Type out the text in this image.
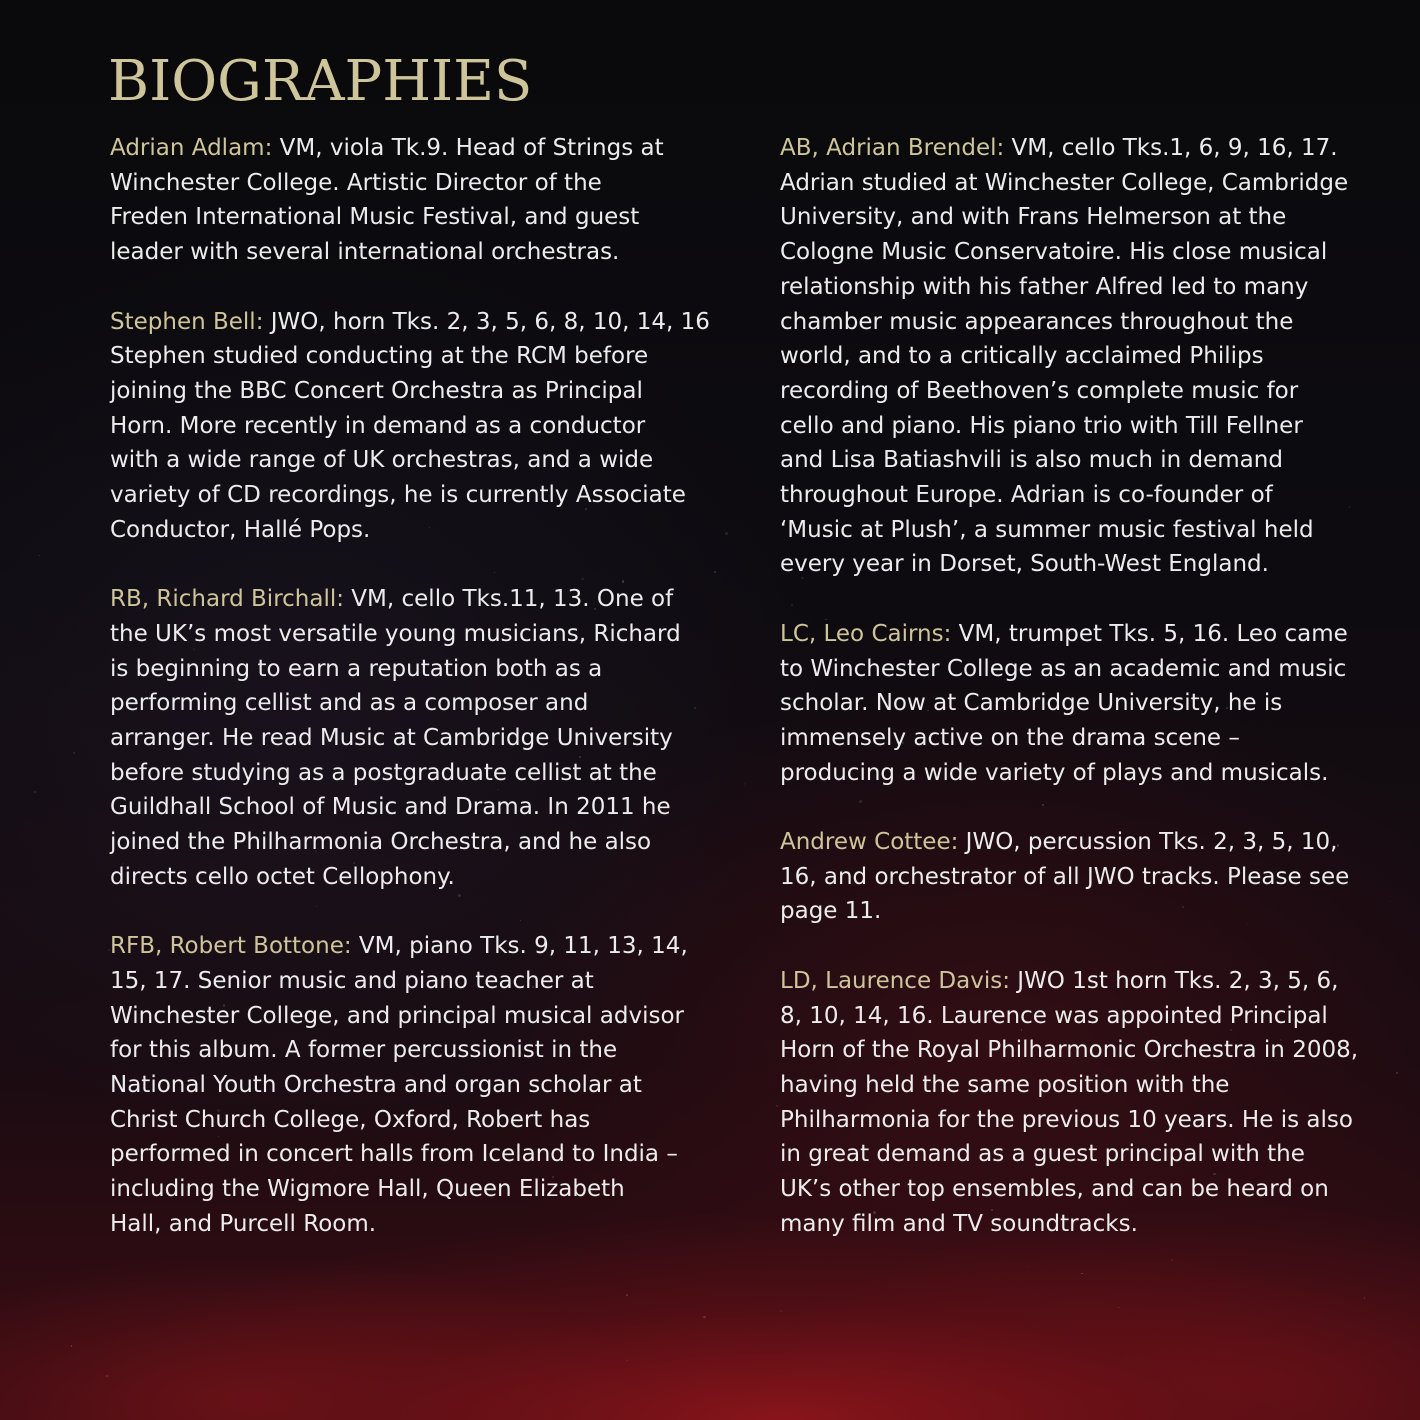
BIOGRAPHIES
Adrian Adlam: VM, viola Tk.9. Head of Strings at
Winchester College. Artistic Director of the
Freden International Music Festival, and guest
leader with several international orchestras.
Stephen Bell: JWO, horn Tks. 2, 3, 5, 6, 8, 10, 14, 16
Stephen studied conducting at the RCM before
joining the BBC Concert Orchestra as Principal
Horn. More recently in demand as a conductor
with a wide range of UK orchestras, and a wide
variety of CD recordings, he is currently Associate
Conductor, Hallé Pops.
RB, Richard Birchall: VM, cello Tks.11, 13. One of
the UK’s most versatile young musicians, Richard
is beginning to earn a reputation both as a
performing cellist and as a composer and
arranger. He read Music at Cambridge University
before studying as a postgraduate cellist at the
Guildhall School of Music and Drama. In 2011 he
joined the Philharmonia Orchestra, and he also
directs cello octet Cellophony.
RFB, Robert Bottone: VM, piano Tks. 9, 11, 13, 14,
15, 17. Senior music and piano teacher at
Winchester College, and principal musical advisor
for this album. A former percussionist in the
National Youth Orchestra and organ scholar at
Christ Church College, Oxford, Robert has
performed in concert halls from Iceland to India –
including the Wigmore Hall, Queen Elizabeth
Hall, and Purcell Room.
AB, Adrian Brendel: VM, cello Tks.1, 6, 9, 16, 17.
Adrian studied at Winchester College, Cambridge
University, and with Frans Helmerson at the
Cologne Music Conservatoire. His close musical
relationship with his father Alfred led to many
chamber music appearances throughout the
world, and to a critically acclaimed Philips
recording of Beethoven’s complete music for
cello and piano. His piano trio with Till Fellner
and Lisa Batiashvili is also much in demand
throughout Europe. Adrian is co-founder of
‘Music at Plush’, a summer music festival held
every year in Dorset, South-West England.
LC, Leo Cairns: VM, trumpet Tks. 5, 16. Leo came
to Winchester College as an academic and music
scholar. Now at Cambridge University, he is
immensely active on the drama scene –
producing a wide variety of plays and musicals.
Andrew Cottee: JWO, percussion Tks. 2, 3, 5, 10,
16, and orchestrator of all JWO tracks. Please see
page 11.
LD, Laurence Davis: JWO 1st horn Tks. 2, 3, 5, 6,
8, 10, 14, 16. Laurence was appointed Principal
Horn of the Royal Philharmonic Orchestra in 2008,
having held the same position with the
Philharmonia for the previous 10 years. He is also
in great demand as a guest principal with the
UK’s other top ensembles, and can be heard on
many film and TV soundtracks.
